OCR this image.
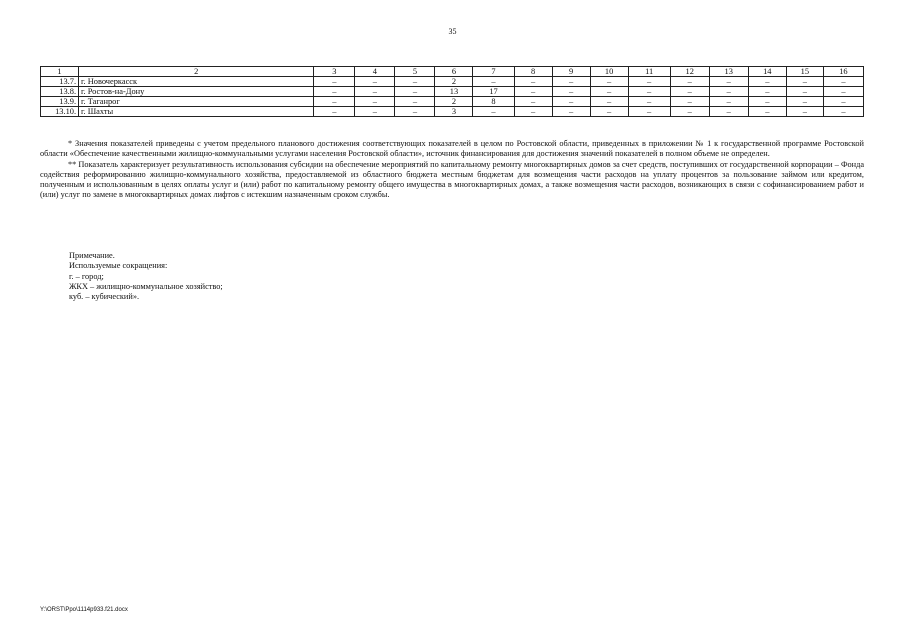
35
1	2	3	4	5	6	7	8	9	10	11	12	13	14	15	16
13.7.	г. Новочеркасск	–	–	–	2	–	–	–	–	–	–	–	–	–	–
13.8.	г. Ростов-на-Дону	–	–	–	13	17	–	–	–	–	–	–	–	–	–
13.9.	г. Таганрог	–	–	–	2	8	–	–	–	–	–	–	–	–	–
13.10.	г. Шахты	–	–	–	3	–	–	–	–	–	–	–	–	–	–

* Значения показателей приведены с учетом предельного планового достижения соответствующих показателей в целом по Ростовской области, приведенных в приложении № 1 к государственной программе Ростовской области «Обеспечение качественными жилищно-коммунальными услугами населения Ростовской области», источник финансирования для достижения значений показателей в полном объеме не определен.

** Показатель характеризует результативность использования субсидии на обеспечение мероприятий по капитальному ремонту многоквартирных домов за счет средств, поступивших от государственной корпорации – Фонда содействия реформированию жилищно-коммунального хозяйства, предоставляемой из областного бюджета местным бюджетам для возмещения части расходов на уплату процентов за пользование займом или кредитом, полученным и использованным в целях оплаты услуг и (или) работ по капитальному ремонту общего имущества в многоквартирных домах, а также возмещения части расходов, возникающих в связи с софинансированием работ и (или) услуг по замене в многоквартирных домах лифтов с истекшим назначенным сроком службы.

Примечание.
Используемые сокращения:
г. – город;
ЖКХ – жилищно-коммунальное хозяйство;
куб. – кубический».
Y:\ORST\Ppo\1114p933.f21.docx
